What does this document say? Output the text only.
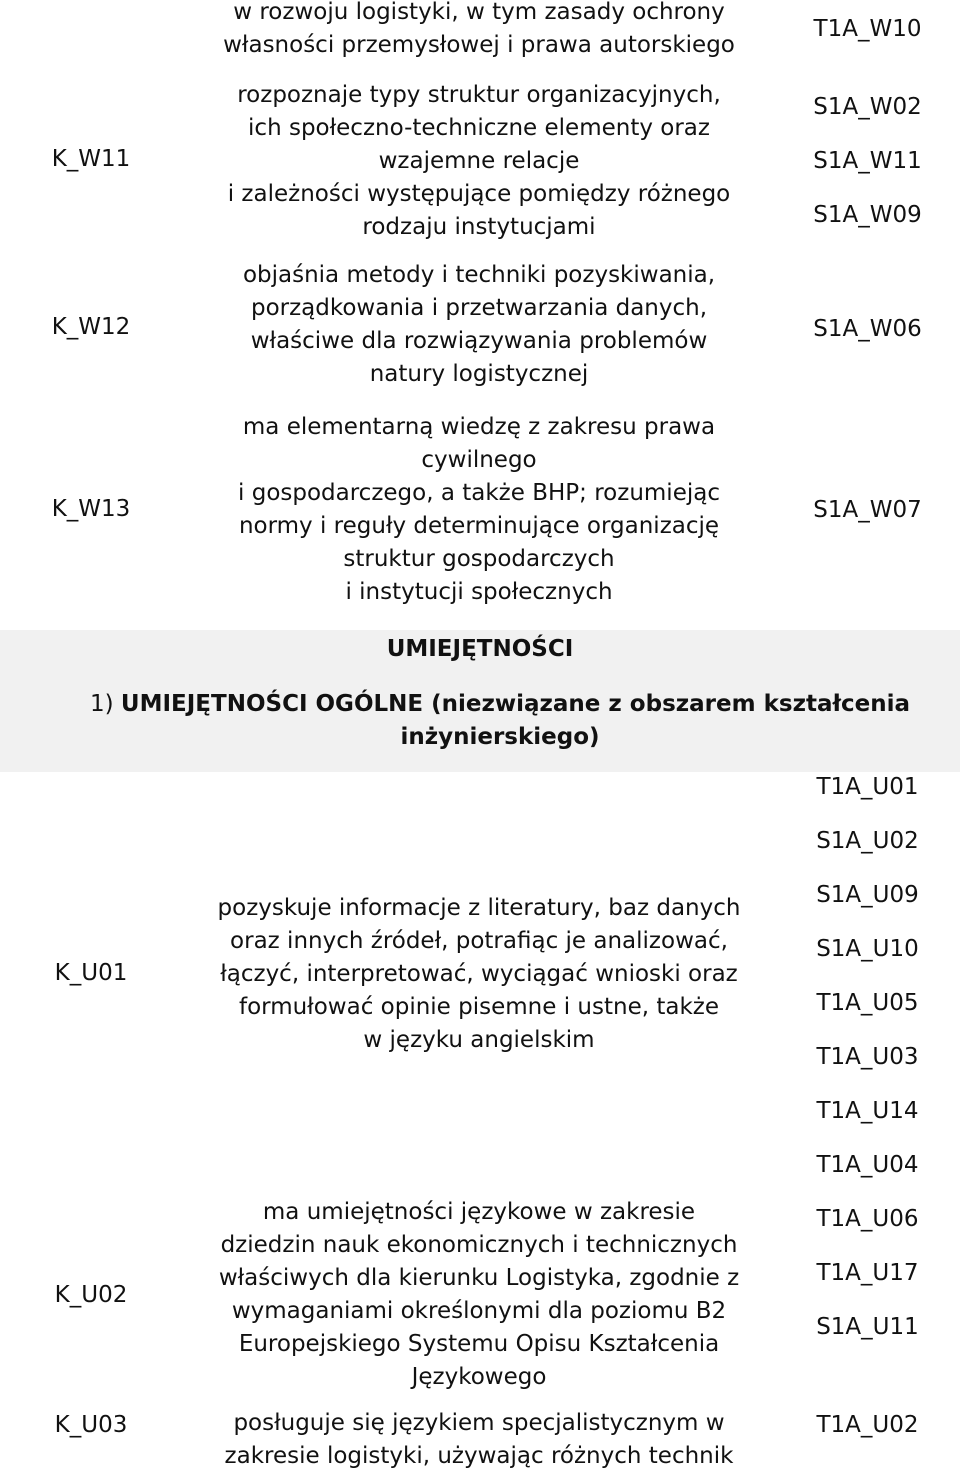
w rozwoju logistyki, w tym zasady ochrony
własności przemysłowej i prawa autorskiego
T1A_W10
K_W11
rozpoznaje typy struktur organizacyjnych,
ich społeczno-techniczne elementy oraz
wzajemne relacje
i zależności występujące pomiędzy różnego
rodzaju instytucjami
S1A_W02
S1A_W11
S1A_W09
K_W12
objaśnia metody i techniki pozyskiwania,
porządkowania i przetwarzania danych,
właściwe dla rozwiązywania problemów
natury logistycznej
S1A_W06
K_W13
ma elementarną wiedzę z zakresu prawa
cywilnego
i gospodarczego, a także BHP; rozumiejąc
normy i reguły determinujące organizację
struktur gospodarczych
i instytucji społecznych
S1A_W07
UMIEJĘTNOŚCI
1) UMIEJĘTNOŚCI OGÓLNE (niezwiązane z obszarem kształcenia
inżynierskiego)
K_U01
pozyskuje informacje z literatury, baz danych
oraz innych źródeł, potrafiąc je analizować,
łączyć, interpretować, wyciągać wnioski oraz
formułować opinie pisemne i ustne, także
w języku angielskim
T1A_U01
S1A_U02
S1A_U09
S1A_U10
T1A_U05
T1A_U03
T1A_U14
K_U02
ma umiejętności językowe w zakresie
dziedzin nauk ekonomicznych i technicznych
właściwych dla kierunku Logistyka, zgodnie z
wymaganiami określonymi dla poziomu B2
Europejskiego Systemu Opisu Kształcenia
Językowego
T1A_U04
T1A_U06
T1A_U17
S1A_U11
K_U03	posługuje się językiem specjalistycznym w
zakresie logistyki, używając różnych technik
T1A_U02
